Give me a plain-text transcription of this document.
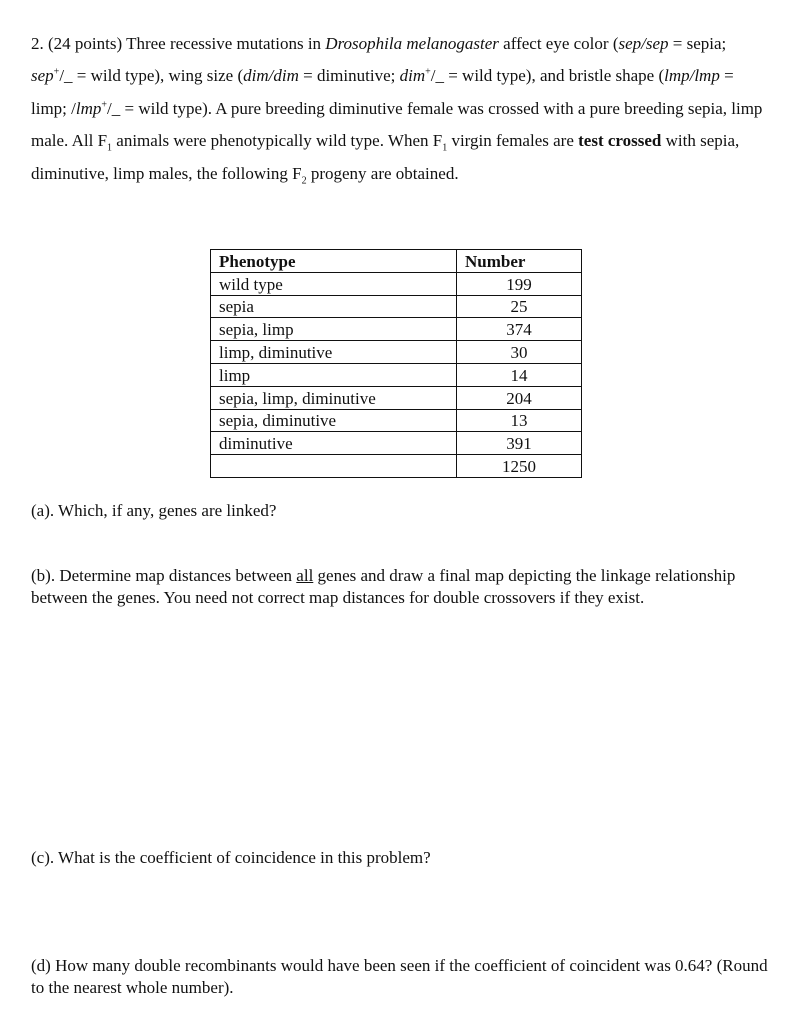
2. (24 points) Three recessive mutations in Drosophila melanogaster affect eye color (sep/sep = sepia; sep+/_ = wild type), wing size (dim/dim = diminutive; dim+/_ = wild type), and bristle shape (lmp/lmp = limp; /lmp+/_ = wild type). A pure breeding diminutive female was crossed with a pure breeding sepia, limp male. All $F_1$ animals were phenotypically wild type. When $F_1$ virgin females are test crossed with sepia, diminutive, limp males, the following $F_2$ progeny are obtained.
Phenotype	Number
wild type	199
sepia	25
sepia, limp	374
limp, diminutive	30
limp	14
sepia, limp, diminutive	204
sepia, diminutive	13
diminutive	391
	1250
(a). Which, if any, genes are linked?
(b). Determine map distances between all genes and draw a final map depicting the linkage relationship between the genes. You need not correct map distances for double crossovers if they exist.
(c). What is the coefficient of coincidence in this problem?
(d) How many double recombinants would have been seen if the coefficient of coincident was 0.64? (Round to the nearest whole number).
